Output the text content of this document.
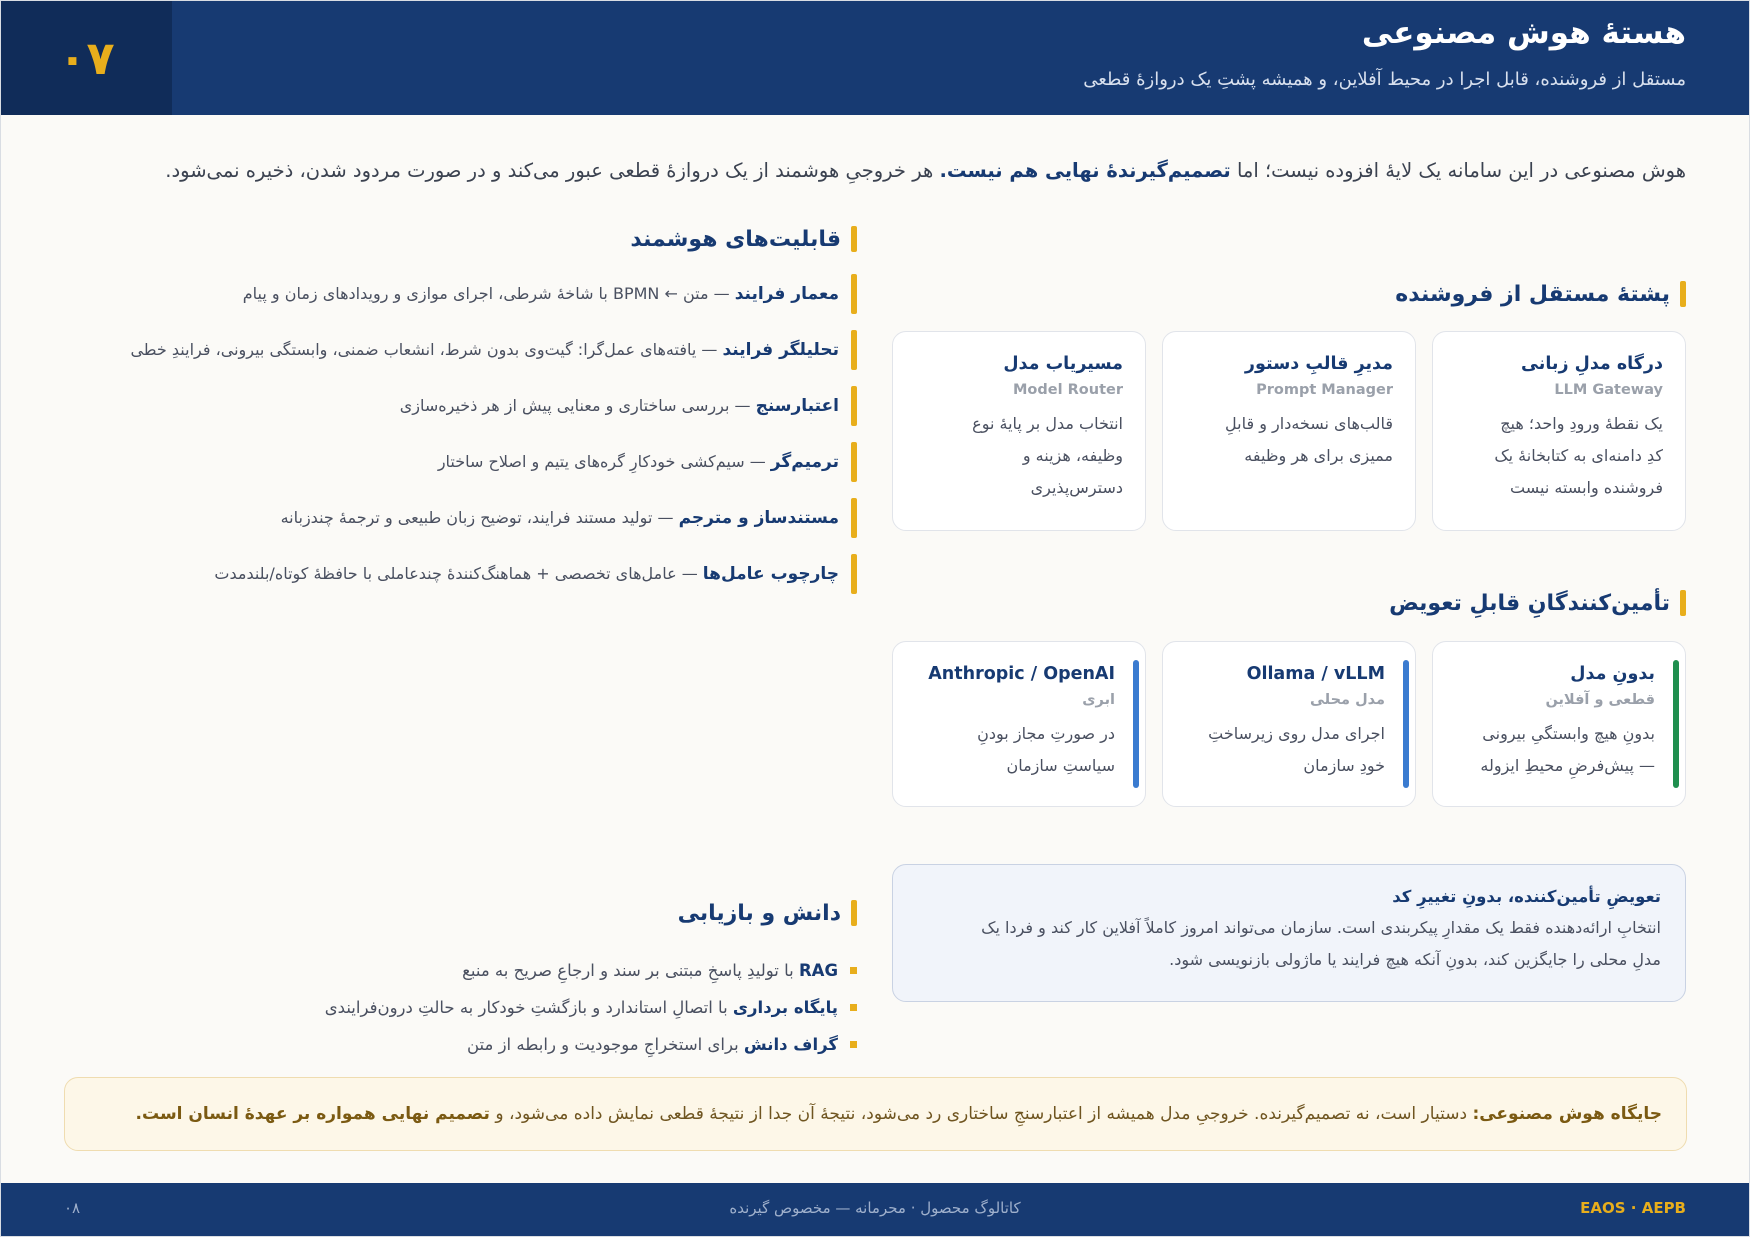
۰۷	هستهٔ هوش مصنوعی
مستقل از فروشنده، قابل اجرا در محیط آفلاین، و همیشه پشتِ یک دروازهٔ قطعی
هوش مصنوعی در این سامانه یک لایهٔ افزوده نیست؛ اما تصمیم‌گیرندهٔ نهایی هم نیست. هر خروجیِ هوشمند از یک دروازهٔ قطعی عبور می‌کند و در صورت مردود شدن، ذخیره نمی‌شود.
قابلیت‌های هوشمند
معمار فرایند — متن ← BPMN با شاخهٔ شرطی، اجرای موازی و رویدادهای زمان و پیام
تحلیلگر فرایند — یافته‌های عمل‌گرا: گیت‌وی بدون شرط، انشعاب ضمنی، وابستگی بیرونی، فرایندِ خطی
اعتبارسنج — بررسی ساختاری و معنایی پیش از هر ذخیره‌سازی
ترمیم‌گر — سیم‌کشی خودکارِ گره‌های یتیم و اصلاح ساختار
مستندساز و مترجم — تولید مستند فرایند، توضیح زبان طبیعی و ترجمهٔ چندزبانه
چارچوب عامل‌ها — عامل‌های تخصصی + هماهنگ‌کنندهٔ چندعاملی با حافظهٔ کوتاه/بلندمدت
پشتهٔ مستقل از فروشنده
درگاه مدلِ زبانی
LLM Gateway
یک نقطهٔ ورودِ واحد؛ هیچ
کدِ دامنه‌ای به کتابخانهٔ یک
فروشنده وابسته نیست
مدیرِ قالبِ دستور
Prompt Manager
قالب‌های نسخه‌دار و قابلِ
ممیزی برای هر وظیفه
مسیریاب مدل
Model Router
انتخاب مدل بر پایهٔ نوع
وظیفه، هزینه و
دسترس‌پذیری
تأمین‌کنندگانِ قابلِ تعویض
بدونِ مدل
قطعی و آفلاین
بدونِ هیچ وابستگیِ بیرونی
— پیش‌فرضِ محیطِ ایزوله
Ollama / vLLM
مدل محلی
اجرای مدل روی زیرساختِ
خودِ سازمان
Anthropic / OpenAI
ابری
در صورتِ مجاز بودنِ
سیاستِ سازمان
تعویضِ تأمین‌کننده، بدونِ تغییرِ کد
انتخابِ ارائه‌دهنده فقط یک مقدارِ پیکربندی است. سازمان می‌تواند امروز کاملاً آفلاین کار کند و فردا یک
مدلِ محلی را جایگزین کند، بدونِ آنکه هیچ فرایند یا ماژولی بازنویسی شود.
دانش و بازیابی
RAG با تولیدِ پاسخِ مبتنی بر سند و ارجاعِ صریح به منبع
پایگاه برداری با اتصالِ استاندارد و بازگشتِ خودکار به حالتِ درون‌فرایندی
گراف دانش برای استخراجِ موجودیت و رابطه از متن
جایگاه هوش مصنوعی: دستیار است، نه تصمیم‌گیرنده. خروجیِ مدل همیشه از اعتبارسنجِ ساختاری رد می‌شود، نتیجهٔ آن جدا از نتیجهٔ قطعی نمایش داده می‌شود، و تصمیم نهایی همواره بر عهدهٔ انسان است.
EAOS · AEPB
کاتالوگ محصول · محرمانه — مخصوص گیرنده
۰۸
